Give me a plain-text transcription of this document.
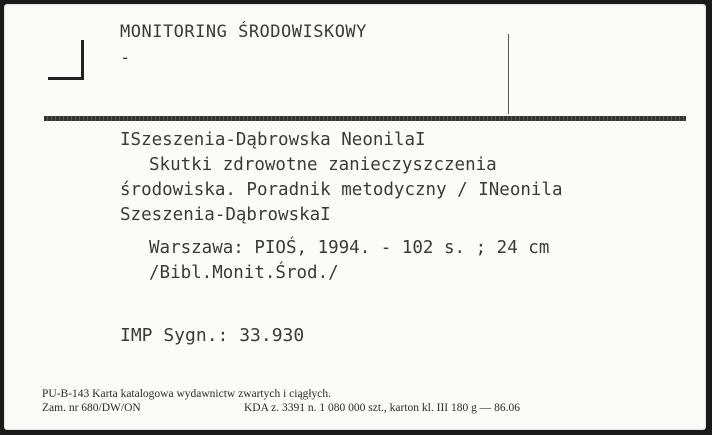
MONITORING ŚRODOWISKOWY
-
ISzeszenia-Dąbrowska NeonilaI
Skutki zdrowotne zanieczyszczenia
środowiska. Poradnik metodyczny / INeonila
Szeszenia-DąbrowskaI
Warszawa: PIOŚ, 1994. - 102 s. ; 24 cm
/Bibl.Monit.Środ./
IMP Sygn.: 33.930
PU-B-143 Karta katalogowa wydawnictw zwartych i ciągłych.
Zam. nr 680/DW/ON	KDA z. 3391 n. 1 080 000 szt., karton kl. III 180 g — 86.06
